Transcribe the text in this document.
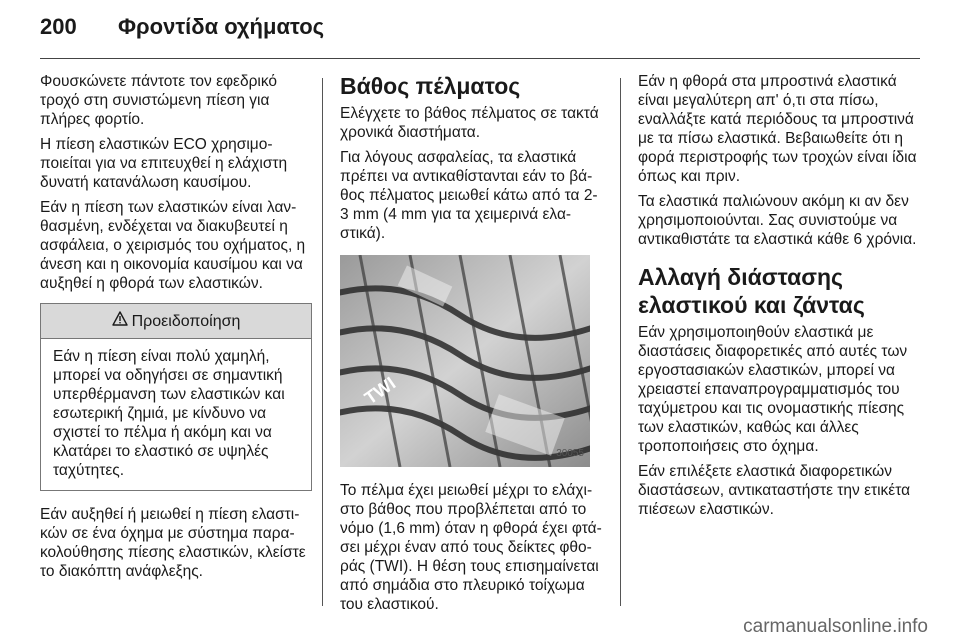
200 Φροντίδα οχήματος

Φουσκώνετε πάντοτε τον εφεδρικό τροχό στη συνιστώμενη πίεση για πλήρες φορτίο.

Η πίεση ελαστικών ECO χρησιμοποιείται για να επιτευχθεί η ελάχιστη δυνατή κατανάλωση καυσίμου.

Εάν η πίεση των ελαστικών είναι λανθασμένη, ενδέχεται να διακυβευτεί η ασφάλεια, ο χειρισμός του οχήματος, η άνεση και η οικονομία καυσίμου και να αυξηθεί η φθορά των ελαστικών.

Προειδοποίηση
Εάν η πίεση είναι πολύ χαμηλή, μπορεί να οδηγήσει σε σημαντική υπερθέρμανση των ελαστικών και εσωτερική ζημιά, με κίνδυνο να σχιστεί το πέλμα ή ακόμη και να κλατάρει το ελαστικό σε υψηλές ταχύτητες.

Εάν αυξηθεί ή μειωθεί η πίεση ελαστικών σε ένα όχημα με σύστημα παρακολούθησης πίεσης ελαστικών, κλείστε το διακόπτη ανάφλεξης.

Βάθος πέλματος

Ελέγχετε το βάθος πέλματος σε τακτά χρονικά διαστήματα.

Για λόγους ασφαλείας, τα ελαστικά πρέπει να αντικαθίστανται εάν το βάθος πέλματος μειωθεί κάτω από τα 2-3 mm (4 mm για τα χειμερινά ελαστικά).

TWI
30055

Το πέλμα έχει μειωθεί μέχρι το ελάχιστο βάθος που προβλέπεται από το νόμο (1,6 mm) όταν η φθορά έχει φτάσει μέχρι έναν από τους δείκτες φθοράς (TWI). Η θέση τους επισημαίνεται από σημάδια στο πλευρικό τοίχωμα του ελαστικού.

Εάν η φθορά στα μπροστινά ελαστικά είναι μεγαλύτερη απ' ό,τι στα πίσω, εναλλάξτε κατά περιόδους τα μπροστινά με τα πίσω ελαστικά. Βεβαιωθείτε ότι η φορά περιστροφής των τροχών είναι ίδια όπως και πριν.

Τα ελαστικά παλιώνουν ακόμη κι αν δεν χρησιμοποιούνται. Σας συνιστούμε να αντικαθιστάτε τα ελαστικά κάθε 6 χρόνια.

Αλλαγή διάστασης ελαστικού και ζάντας

Εάν χρησιμοποιηθούν ελαστικά με διαστάσεις διαφορετικές από αυτές των εργοστασιακών ελαστικών, μπορεί να χρειαστεί επαναπρογραμματισμός του ταχύμετρου και τις ονομαστικής πίεσης των ελαστικών, καθώς και άλλες τροποποιήσεις στο όχημα.

Εάν επιλέξετε ελαστικά διαφορετικών διαστάσεων, αντικαταστήστε την ετικέτα πιέσεων ελαστικών.

carmanualsonline.info
